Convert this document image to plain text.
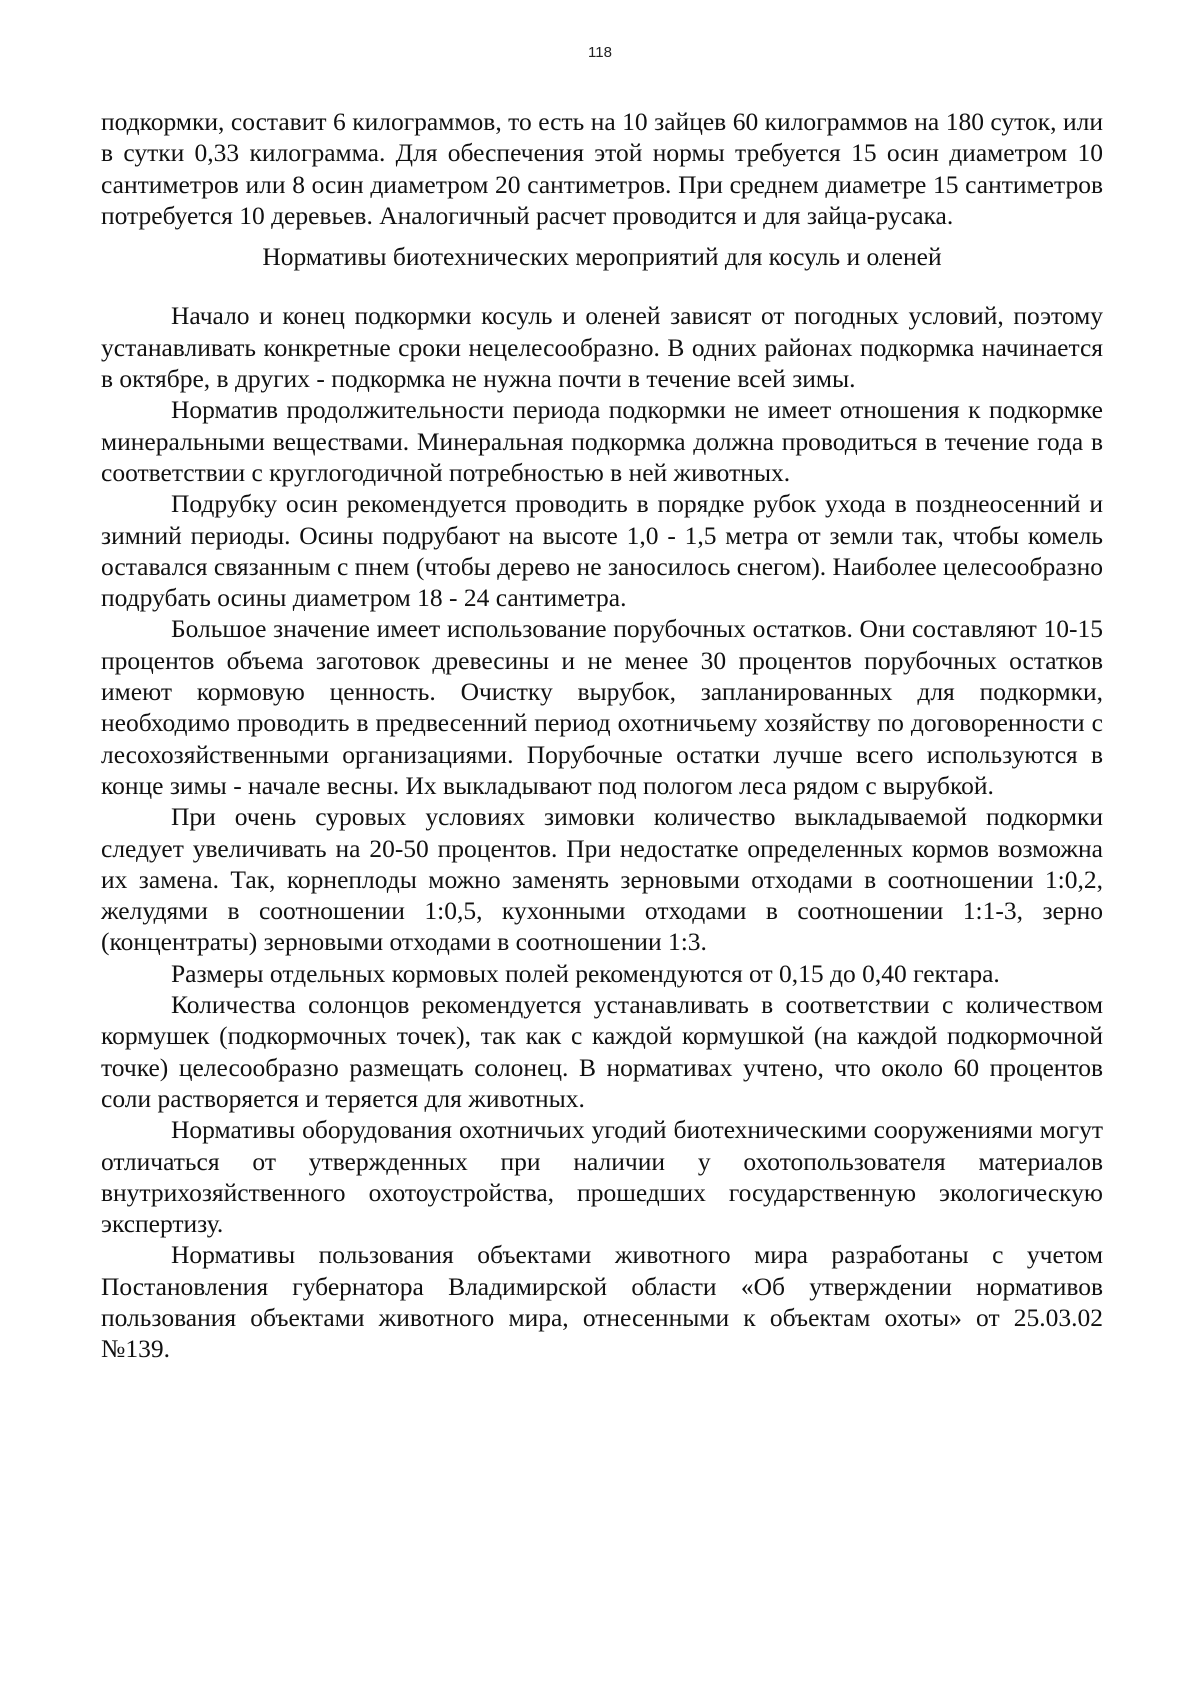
118

подкормки, составит 6 килограммов, то есть на 10 зайцев 60 килограммов на 180 суток, или в сутки 0,33 килограмма. Для обеспечения этой нормы требуется 15 осин диаметром 10 сантиметров или 8 осин диаметром 20 сантиметров. При среднем диаметре 15 сантиметров потребуется 10 деревьев. Аналогичный расчет проводится и для зайца-русака.

Нормативы биотехнических мероприятий для косуль и оленей

Начало и конец подкормки косуль и оленей зависят от погодных условий, поэтому устанавливать конкретные сроки нецелесообразно. В одних районах подкормка начинается в октябре, в других - подкормка не нужна почти в течение всей зимы.

Норматив продолжительности периода подкормки не имеет отношения к подкормке минеральными веществами. Минеральная подкормка должна проводиться в течение года в соответствии с круглогодичной потребностью в ней животных.

Подрубку осин рекомендуется проводить в порядке рубок ухода в позднеосенний и зимний периоды. Осины подрубают на высоте 1,0 - 1,5 метра от земли так, чтобы комель оставался связанным с пнем (чтобы дерево не заносилось снегом). Наиболее целесообразно подрубать осины диаметром 18 - 24 сантиметра.

Большое значение имеет использование порубочных остатков. Они составляют 10-15 процентов объема заготовок древесины и не менее 30 процентов порубочных остатков имеют кормовую ценность. Очистку вырубок, запланированных для подкормки, необходимо проводить в предвесенний период охотничьему хозяйству по договоренности с лесохозяйственными организациями. Порубочные остатки лучше всего используются в конце зимы - начале весны. Их выкладывают под пологом леса рядом с вырубкой.

При очень суровых условиях зимовки количество выкладываемой подкормки следует увеличивать на 20-50 процентов. При недостатке определенных кормов возможна их замена. Так, корнеплоды можно заменять зерновыми отходами в соотношении 1:0,2, желудями в соотношении 1:0,5, кухонными отходами в соотношении 1:1-3, зерно (концентраты) зерновыми отходами в соотношении 1:3.

Размеры отдельных кормовых полей рекомендуются от 0,15 до 0,40 гектара.

Количества солонцов рекомендуется устанавливать в соответствии с количеством кормушек (подкормочных точек), так как с каждой кормушкой (на каждой подкормочной точке) целесообразно размещать солонец. В нормативах учтено, что около 60 процентов соли растворяется и теряется для животных.

Нормативы оборудования охотничьих угодий биотехническими сооружениями могут отличаться от утвержденных при наличии у охотопользователя материалов внутрихозяйственного охотоустройства, прошедших государственную экологическую экспертизу.

Нормативы пользования объектами животного мира разработаны с учетом Постановления губернатора Владимирской области «Об утверждении нормативов пользования объектами животного мира, отнесенными к объектам охоты» от 25.03.02 №139.
